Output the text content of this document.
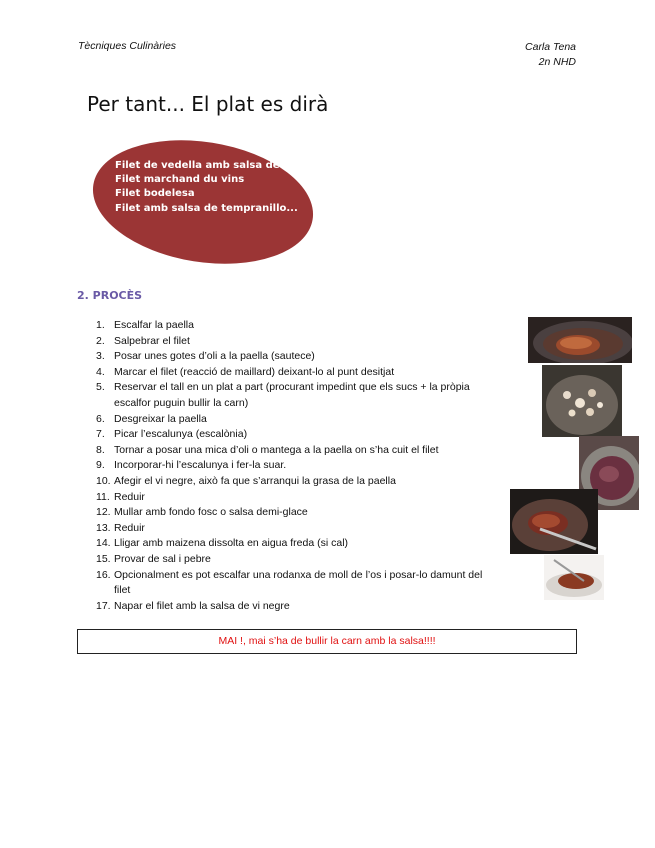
Tècniques Culinàries	Carla Tena
2n NHD
Per tant... El plat es dirà
Filet de vedella amb salsa de vi
Filet marchand du vins
Filet bodelesa
Filet amb salsa de tempranillo...
2. PROCÈS
1. Escalfar la paella
2. Salpebrar el filet
3. Posar unes gotes d’oli a la paella (sautece)
4. Marcar el filet (reacció de maillard) deixant-lo al punt desitjat
5. Reservar el tall en un plat a part (procurant impedint que els sucs + la pròpia escalfor puguin bullir la carn)
6. Desgreixar la paella
7. Picar l’escalunya (escalònia)
8. Tornar a posar una mica d’oli o mantega a la paella on s’ha cuit el filet
9. Incorporar-hi l’escalunya i fer-la suar.
10. Afegir el vi negre, això fa que s’arranqui la grasa de la paella
11. Reduir
12. Mullar amb fondo fosc o salsa demi-glace
13. Reduir
14. Lligar amb maizena dissolta en aigua freda (si cal)
15. Provar de sal i pebre
16. Opcionalment es pot escalfar una rodanxa de moll de l’os i posar-lo damunt del filet
17. Napar el filet amb la salsa de vi negre
MAI !, mai s’ha de bullir la carn amb la salsa!!!!
